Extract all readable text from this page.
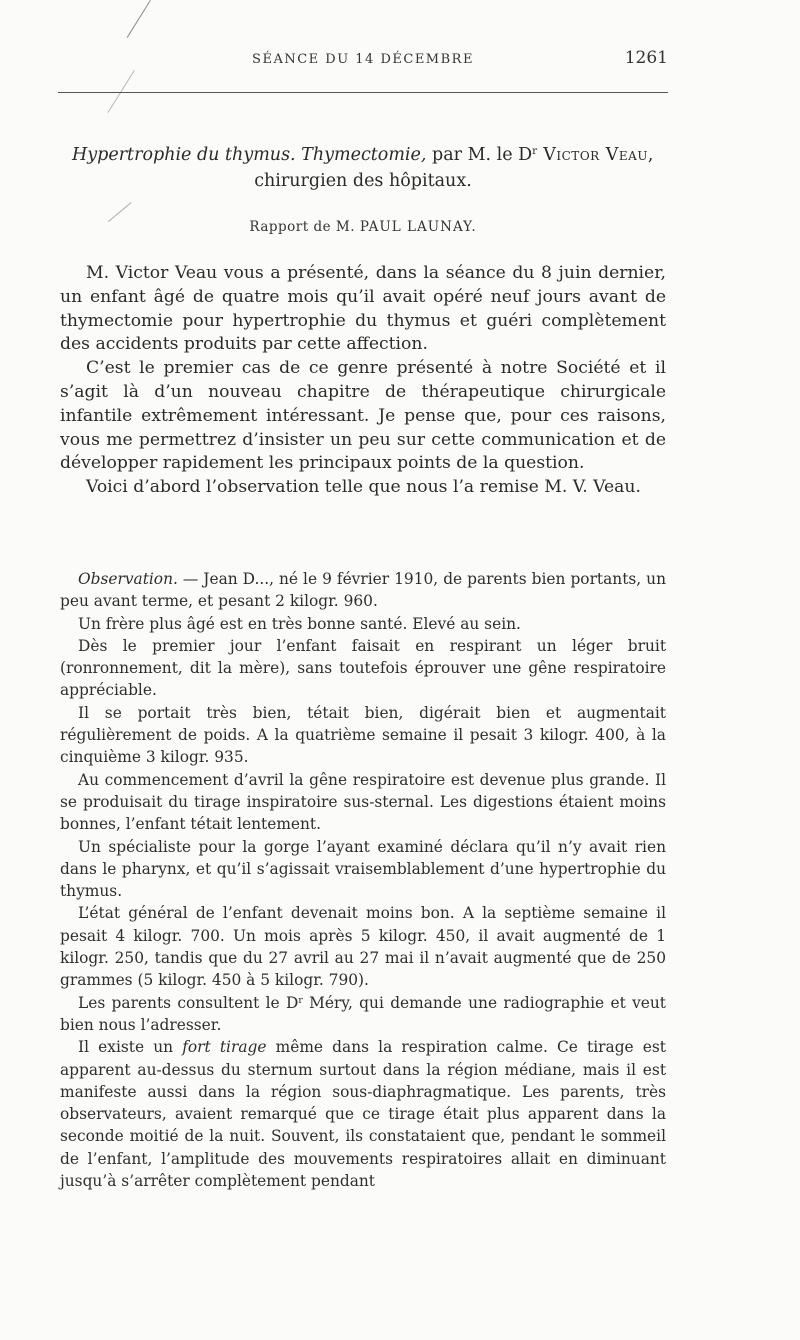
SÉANCE DU 14 DÉCEMBRE	1261
Hypertrophie du thymus. Thymectomie, par M. le $D^r$ Victor Veau,
chirurgien des hôpitaux.
Rapport de M. PAUL LAUNAY.

M. Victor Veau vous a présenté, dans la séance du 8 juin dernier, un enfant âgé de quatre mois qu’il avait opéré neuf jours avant de thymectomie pour hypertrophie du thymus et guéri complètement des accidents produits par cette affection.

C’est le premier cas de ce genre présenté à notre Société et il s’agit là d’un nouveau chapitre de thérapeutique chirurgicale infantile extrêmement intéressant. Je pense que, pour ces raisons, vous me permettrez d’insister un peu sur cette communication et de développer rapidement les principaux points de la question.

Voici d’abord l’observation telle que nous l’a remise M. V. Veau.

Observation. — Jean D..., né le 9 février 1910, de parents bien portants, un peu avant terme, et pesant 2 kilogr. 960.

Un frère plus âgé est en très bonne santé. Elevé au sein.

Dès le premier jour l’enfant faisait en respirant un léger bruit (ronronnement, dit la mère), sans toutefois éprouver une gêne respiratoire appréciable.

Il se portait très bien, tétait bien, digérait bien et augmentait régulièrement de poids. A la quatrième semaine il pesait 3 kilogr. 400, à la cinquième 3 kilogr. 935.

Au commencement d’avril la gêne respiratoire est devenue plus grande. Il se produisait du tirage inspiratoire sus-sternal. Les digestions étaient moins bonnes, l’enfant tétait lentement.

Un spécialiste pour la gorge l’ayant examiné déclara qu’il n’y avait rien dans le pharynx, et qu’il s’agissait vraisemblablement d’une hypertrophie du thymus.

L’état général de l’enfant devenait moins bon. A la septième semaine il pesait 4 kilogr. 700. Un mois après 5 kilogr. 450, il avait augmenté de 1 kilogr. 250, tandis que du 27 avril au 27 mai il n’avait augmenté que de 250 grammes (5 kilogr. 450 à 5 kilogr. 790).

Les parents consultent le $D^r$ Méry, qui demande une radiographie et veut bien nous l’adresser.

Il existe un fort tirage même dans la respiration calme. Ce tirage est apparent au-dessus du sternum surtout dans la région médiane, mais il est manifeste aussi dans la région sous-diaphragmatique. Les parents, très observateurs, avaient remarqué que ce tirage était plus apparent dans la seconde moitié de la nuit. Souvent, ils constataient que, pendant le sommeil de l’enfant, l’amplitude des mouvements respiratoires allait en diminuant jusqu’à s’arrêter complètement pendant
